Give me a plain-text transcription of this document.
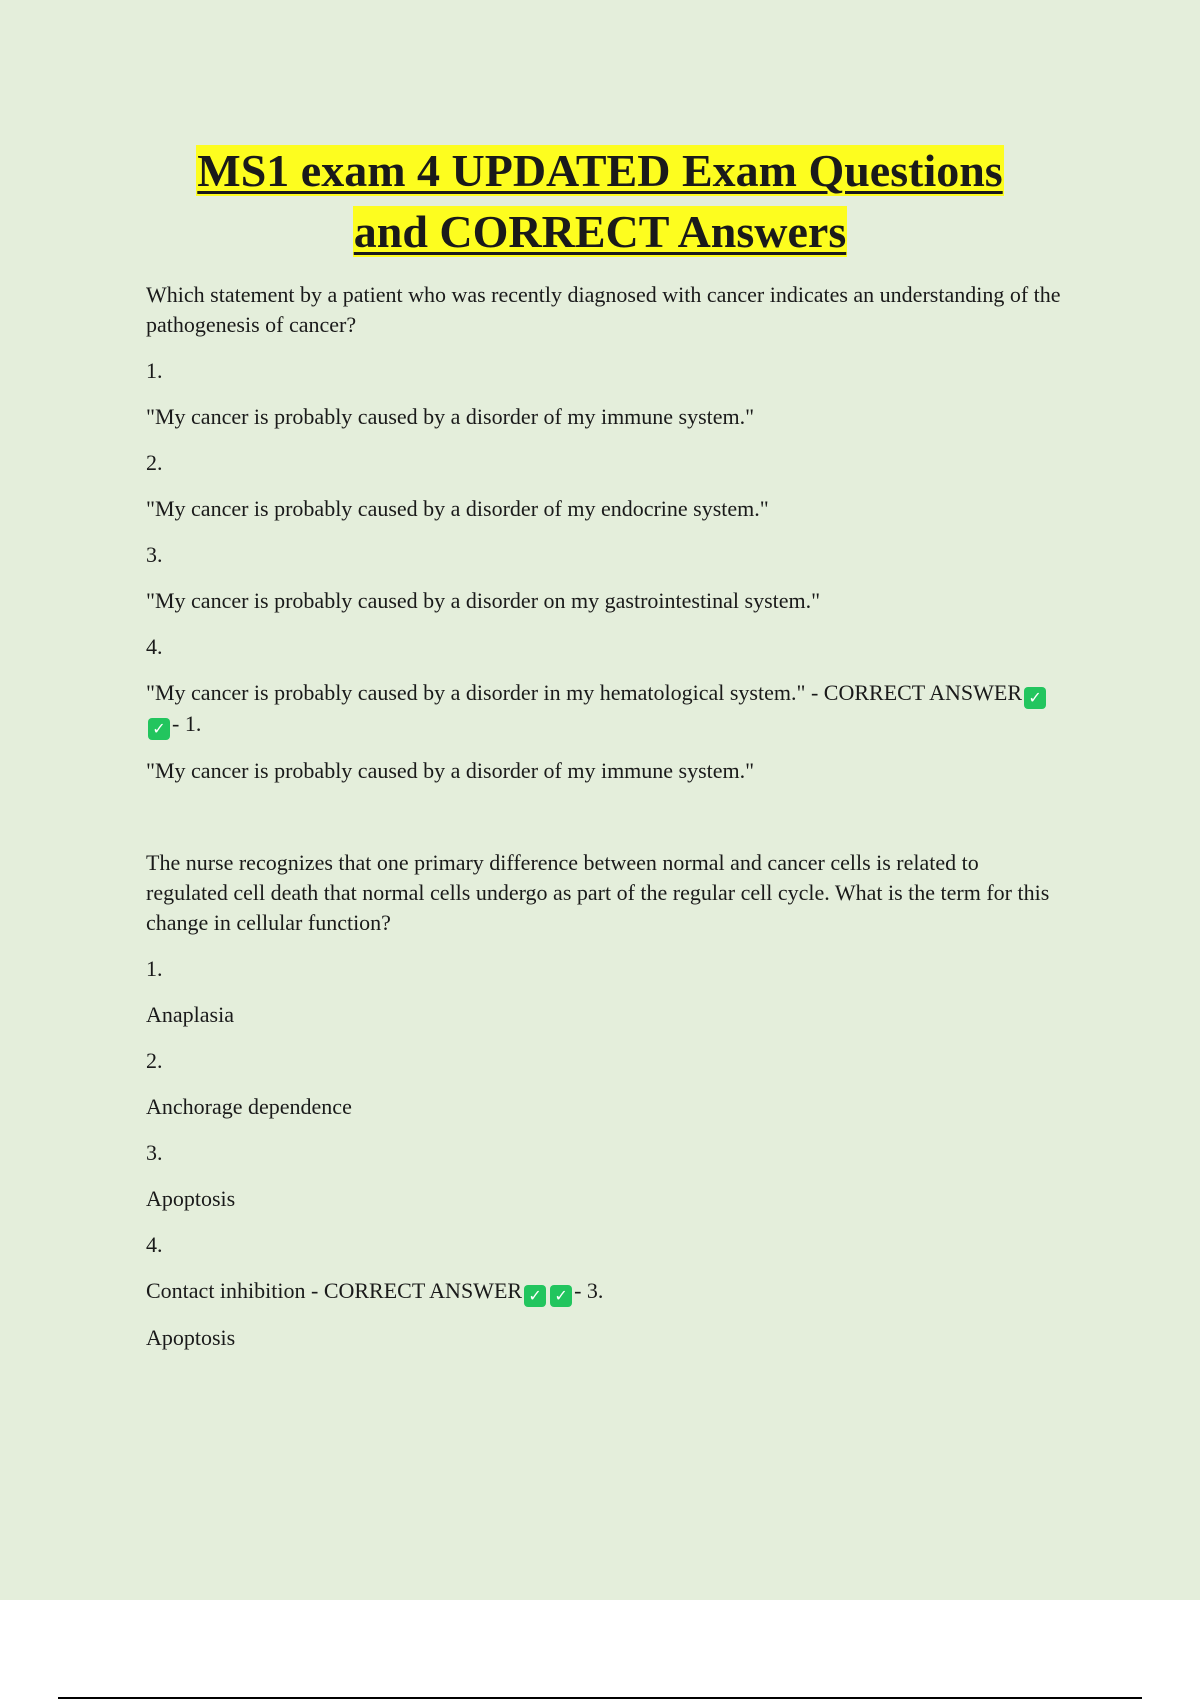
MS1 exam 4 UPDATED Exam Questions
and CORRECT Answers

Which statement by a patient who was recently diagnosed with cancer indicates an understanding of the pathogenesis of cancer?

1.

"My cancer is probably caused by a disorder of my immune system."

2.

"My cancer is probably caused by a disorder of my endocrine system."

3.

"My cancer is probably caused by a disorder on my gastrointestinal system."

4.

"My cancer is probably caused by a disorder in my hematological system." - CORRECT ANSWER ✓✓ - 1.

"My cancer is probably caused by a disorder of my immune system."

The nurse recognizes that one primary difference between normal and cancer cells is related to regulated cell death that normal cells undergo as part of the regular cell cycle. What is the term for this change in cellular function?

1.

Anaplasia

2.

Anchorage dependence

3.

Apoptosis

4.

Contact inhibition - CORRECT ANSWER ✓ ✓ - 3.

Apoptosis
